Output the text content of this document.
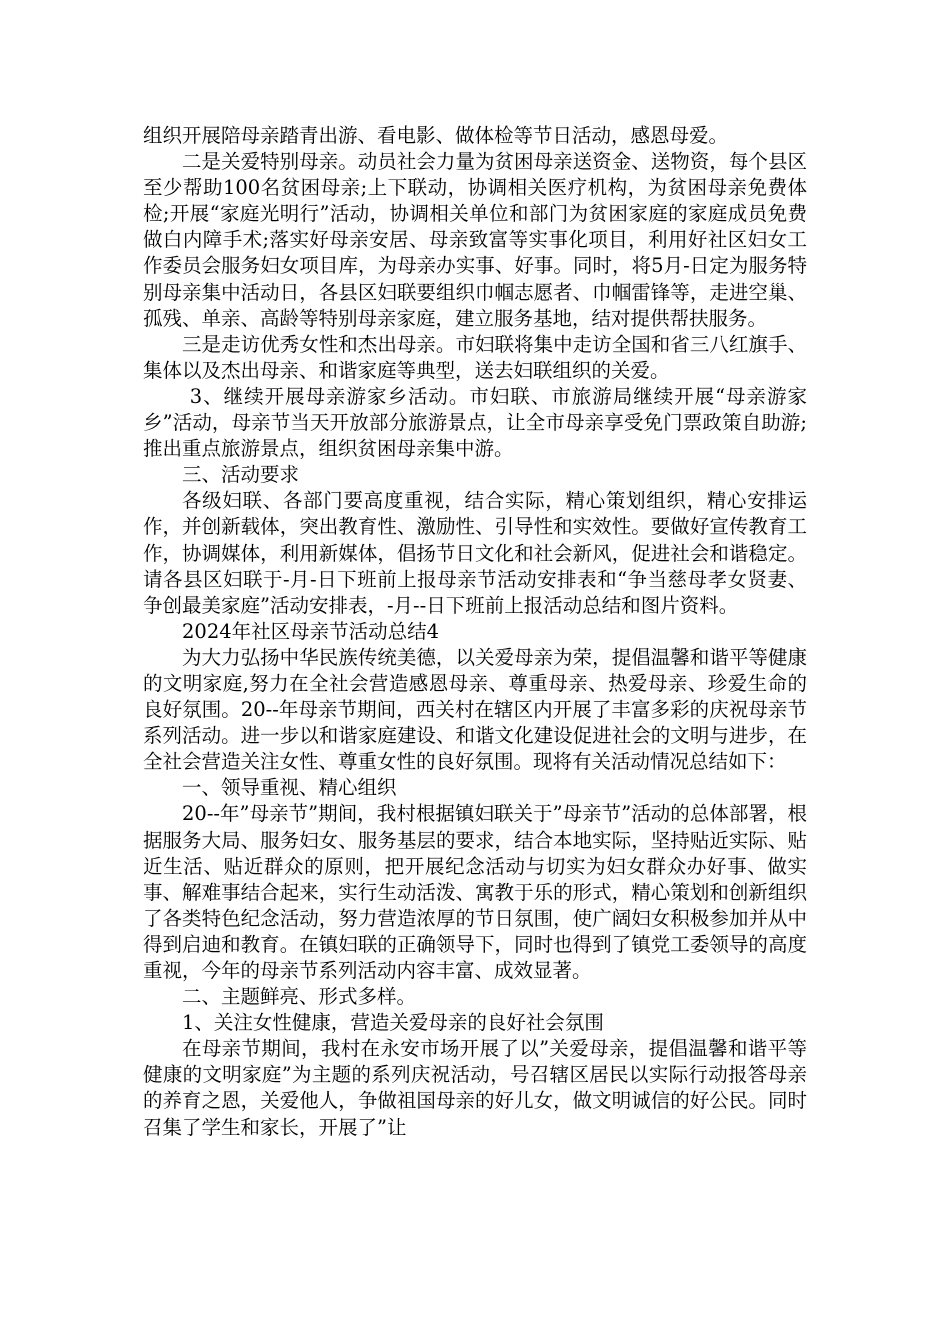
组织开展陪母亲踏青出游、看电影、做体检等节日活动，感恩母爱。

二是关爱特别母亲。动员社会力量为贫困母亲送资金、送物资，每个县区至少帮助100名贫困母亲;上下联动，协调相关医疗机构，为贫困母亲免费体检;开展“家庭光明行”活动，协调相关单位和部门为贫困家庭的家庭成员免费做白内障手术;落实好母亲安居、母亲致富等实事化项目，利用好社区妇女工作委员会服务妇女项目库，为母亲办实事、好事。同时，将5月-日定为服务特别母亲集中活动日，各县区妇联要组织巾帼志愿者、巾帼雷锋等，走进空巢、孤残、单亲、高龄等特别母亲家庭，建立服务基地，结对提供帮扶服务。

三是走访优秀女性和杰出母亲。市妇联将集中走访全国和省三八红旗手、集体以及杰出母亲、和谐家庭等典型，送去妇联组织的关爱。

3、继续开展母亲游家乡活动。市妇联、市旅游局继续开展“母亲游家乡”活动，母亲节当天开放部分旅游景点，让全市母亲享受免门票政策自助游;推出重点旅游景点，组织贫困母亲集中游。

三、活动要求

各级妇联、各部门要高度重视，结合实际，精心策划组织，精心安排运作，并创新载体，突出教育性、激励性、引导性和实效性。要做好宣传教育工作，协调媒体，利用新媒体，倡扬节日文化和社会新风，促进社会和谐稳定。请各县区妇联于-月-日下班前上报母亲节活动安排表和“争当慈母孝女贤妻、争创最美家庭”活动安排表，-月--日下班前上报活动总结和图片资料。

2024年社区母亲节活动总结4

为大力弘扬中华民族传统美德，以关爱母亲为荣，提倡温馨和谐平等健康的文明家庭,努力在全社会营造感恩母亲、尊重母亲、热爱母亲、珍爱生命的良好氛围。20--年母亲节期间，西关村在辖区内开展了丰富多彩的庆祝母亲节系列活动。进一步以和谐家庭建设、和谐文化建设促进社会的文明与进步，在全社会营造关注女性、尊重女性的良好氛围。现将有关活动情况总结如下：

一、领导重视、精心组织

20--年”母亲节”期间，我村根据镇妇联关于”母亲节”活动的总体部署，根据服务大局、服务妇女、服务基层的要求，结合本地实际，坚持贴近实际、贴近生活、贴近群众的原则，把开展纪念活动与切实为妇女群众办好事、做实事、解难事结合起来，实行生动活泼、寓教于乐的形式，精心策划和创新组织了各类特色纪念活动，努力营造浓厚的节日氛围，使广阔妇女积极参加并从中得到启迪和教育。在镇妇联的正确领导下，同时也得到了镇党工委领导的高度重视，今年的母亲节系列活动内容丰富、成效显著。

二、主题鲜亮、形式多样。

1、关注女性健康，营造关爱母亲的良好社会氛围

在母亲节期间，我村在永安市场开展了以”关爱母亲，提倡温馨和谐平等健康的文明家庭”为主题的系列庆祝活动，号召辖区居民以实际行动报答母亲的养育之恩，关爱他人，争做祖国母亲的好儿女，做文明诚信的好公民。同时召集了学生和家长，开展了”让
